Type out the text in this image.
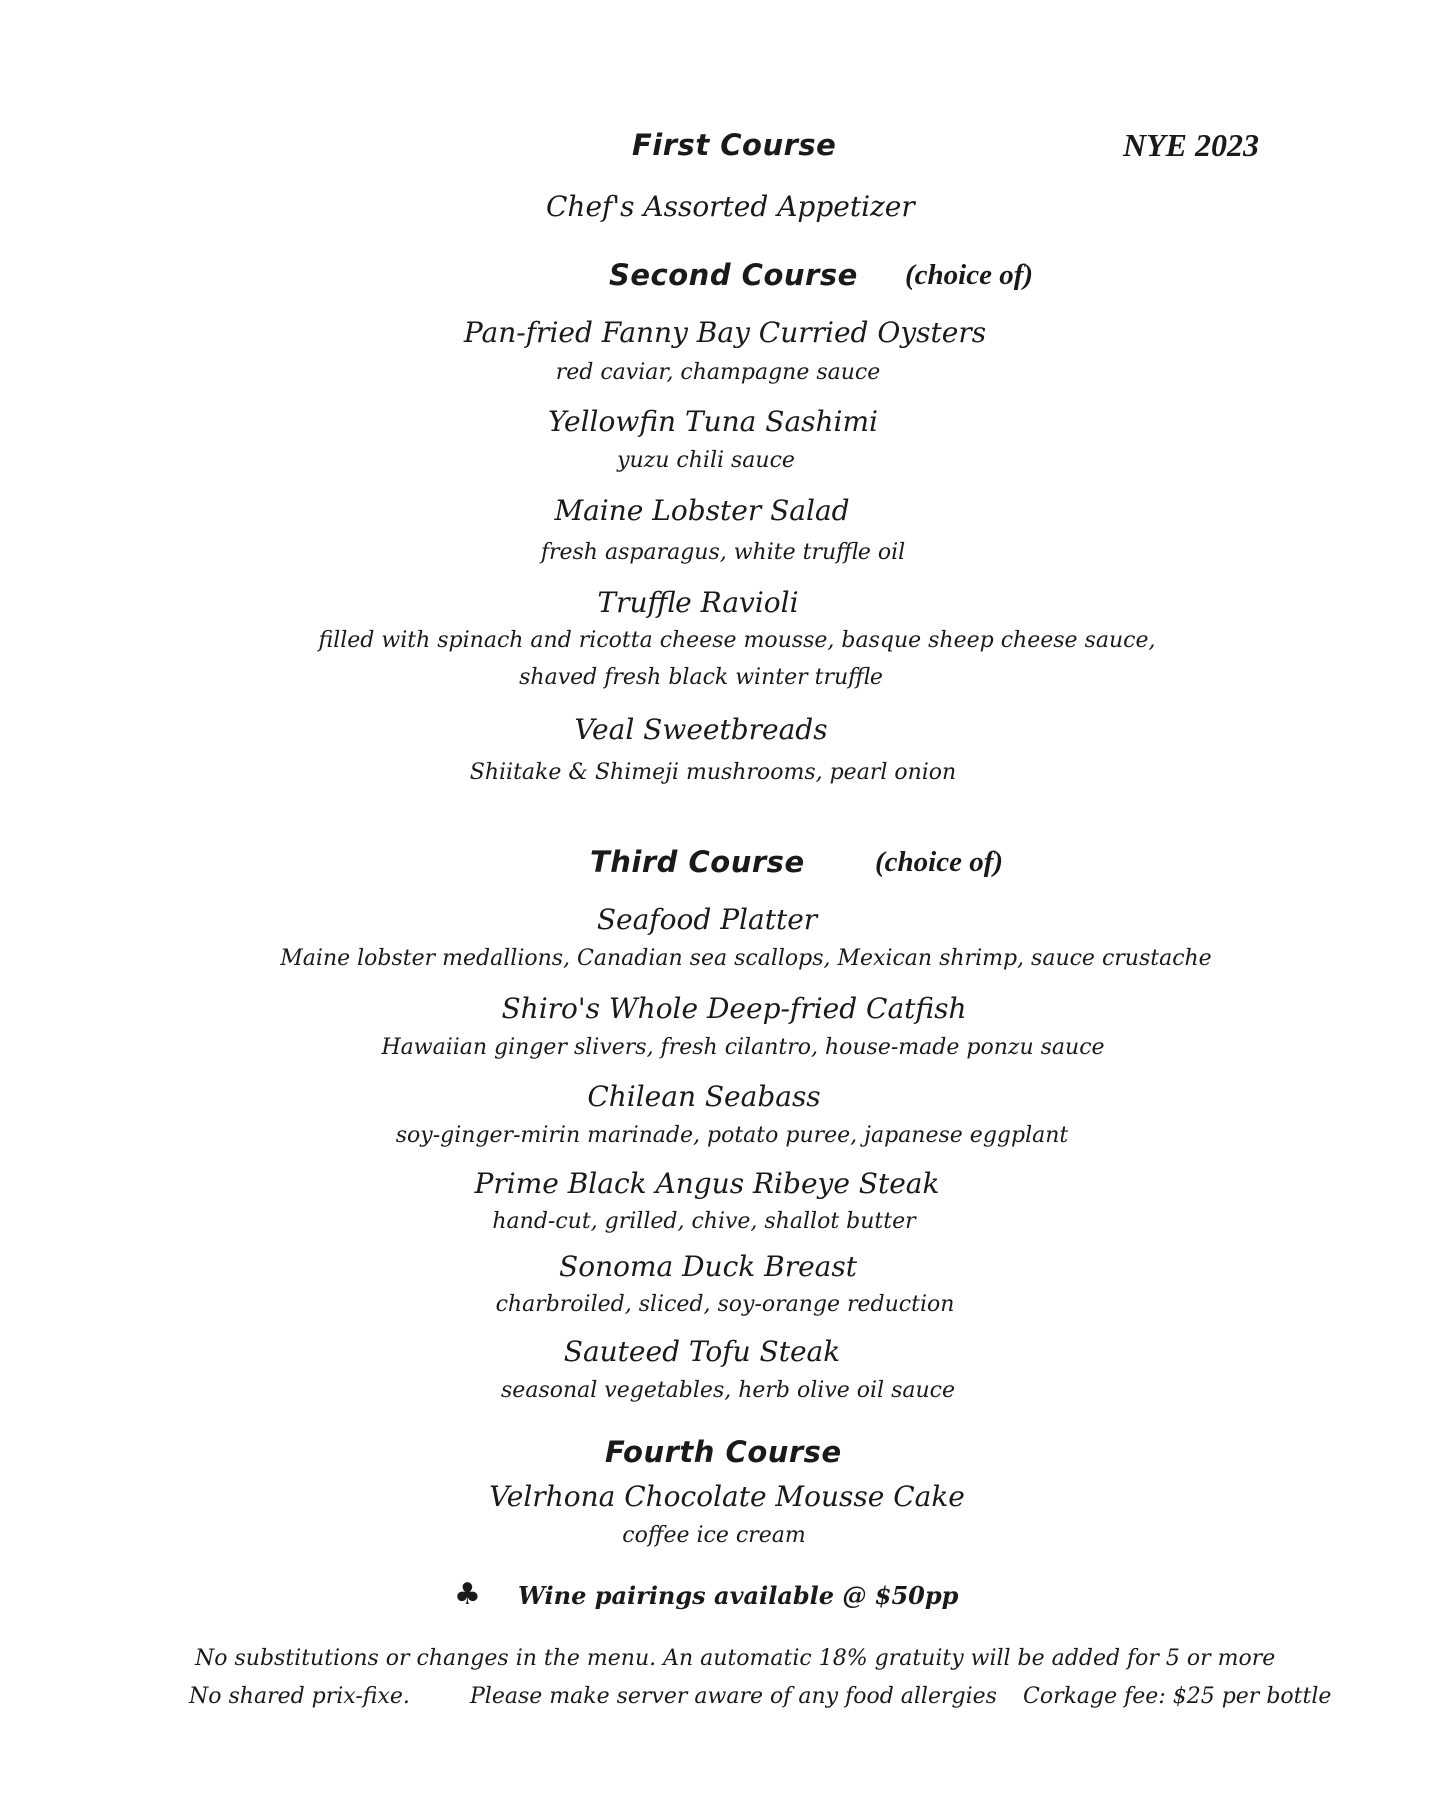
First Course	NYE 2023
Chef's Assorted Appetizer
Second Course (choice of)
Pan-fried Fanny Bay Curried Oysters
red caviar, champagne sauce
Yellowfin Tuna Sashimi
yuzu chili sauce
Maine Lobster Salad
fresh asparagus, white truffle oil
Truffle Ravioli
filled with spinach and ricotta cheese mousse, basque sheep cheese sauce,
shaved fresh black winter truffle
Veal Sweetbreads
Shiitake & Shimeji mushrooms, pearl onion
Third Course (choice of)
Seafood Platter
Maine lobster medallions, Canadian sea scallops, Mexican shrimp, sauce crustache
Shiro's Whole Deep-fried Catfish
Hawaiian ginger slivers, fresh cilantro, house-made ponzu sauce
Chilean Seabass
soy-ginger-mirin marinade, potato puree, japanese eggplant
Prime Black Angus Ribeye Steak
hand-cut, grilled, chive, shallot butter
Sonoma Duck Breast
charbroiled, sliced, soy-orange reduction
Sauteed Tofu Steak
seasonal vegetables, herb olive oil sauce
Fourth Course
Velrhona Chocolate Mousse Cake
coffee ice cream
♣ Wine pairings available @ $50pp
No substitutions or changes in the menu. An automatic 18% gratuity will be added for 5 or more
No shared prix-fixe.	Please make server aware of any food allergies Corkage fee: $25 per bottle
